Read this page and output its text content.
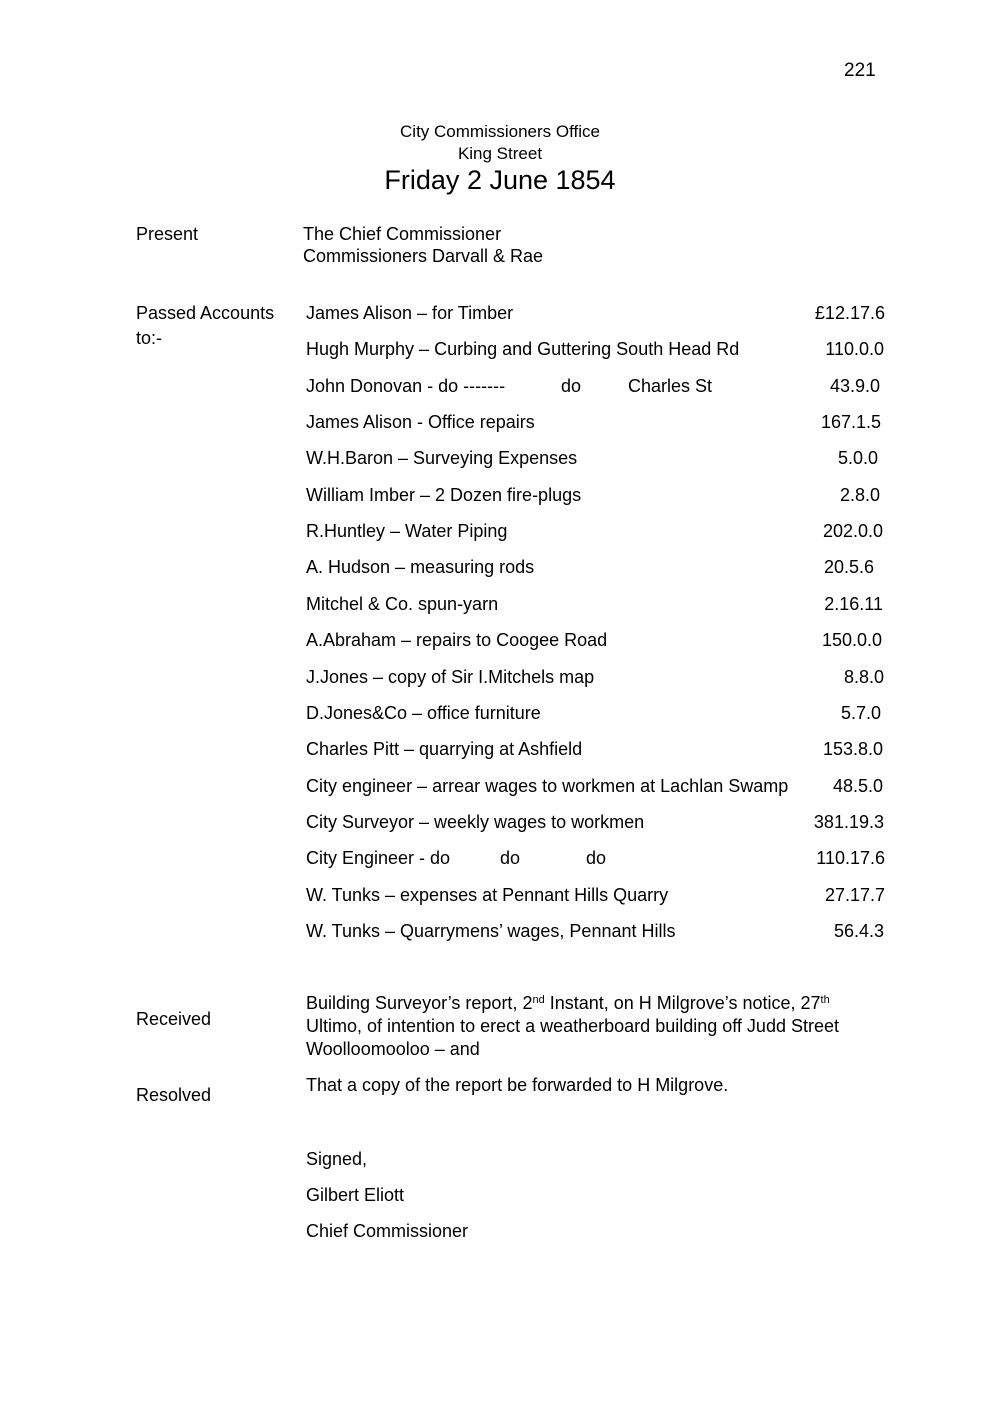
221
City Commissioners Office
King Street
Friday 2 June 1854
Present	The Chief Commissioner
Commissioners Darvall & Rae
Passed Accounts
to:-
James Alison – for Timber	£12.17.6
Hugh Murphy – Curbing and Guttering South Head Rd	110.0.0
John Donovan - do -------	do	Charles St	43.9.0
James Alison - Office repairs	167.1.5
W.H.Baron – Surveying Expenses	5.0.0
William Imber – 2 Dozen fire-plugs	2.8.0
R.Huntley – Water Piping	202.0.0
A. Hudson – measuring rods	20.5.6
Mitchel & Co. spun-yarn	2.16.11
A.Abraham – repairs to Coogee Road	150.0.0
J.Jones – copy of Sir I.Mitchels map	8.8.0
D.Jones&Co – office furniture	5.7.0
Charles Pitt – quarrying at Ashfield	153.8.0
City engineer – arrear wages to workmen at Lachlan Swamp	48.5.0
City Surveyor – weekly wages to workmen	381.19.3
City Engineer - do	do	do	110.17.6
W. Tunks – expenses at Pennant Hills Quarry	27.17.7
W. Tunks – Quarrymens’ wages, Pennant Hills	56.4.3
Received
Building Surveyor’s report, 2nd Instant, on H Milgrove’s notice, 27th
Ultimo, of intention to erect a weatherboard building off Judd Street
Woolloomooloo – and
Resolved	That a copy of the report be forwarded to H Milgrove.
Signed,
Gilbert Eliott
Chief Commissioner
